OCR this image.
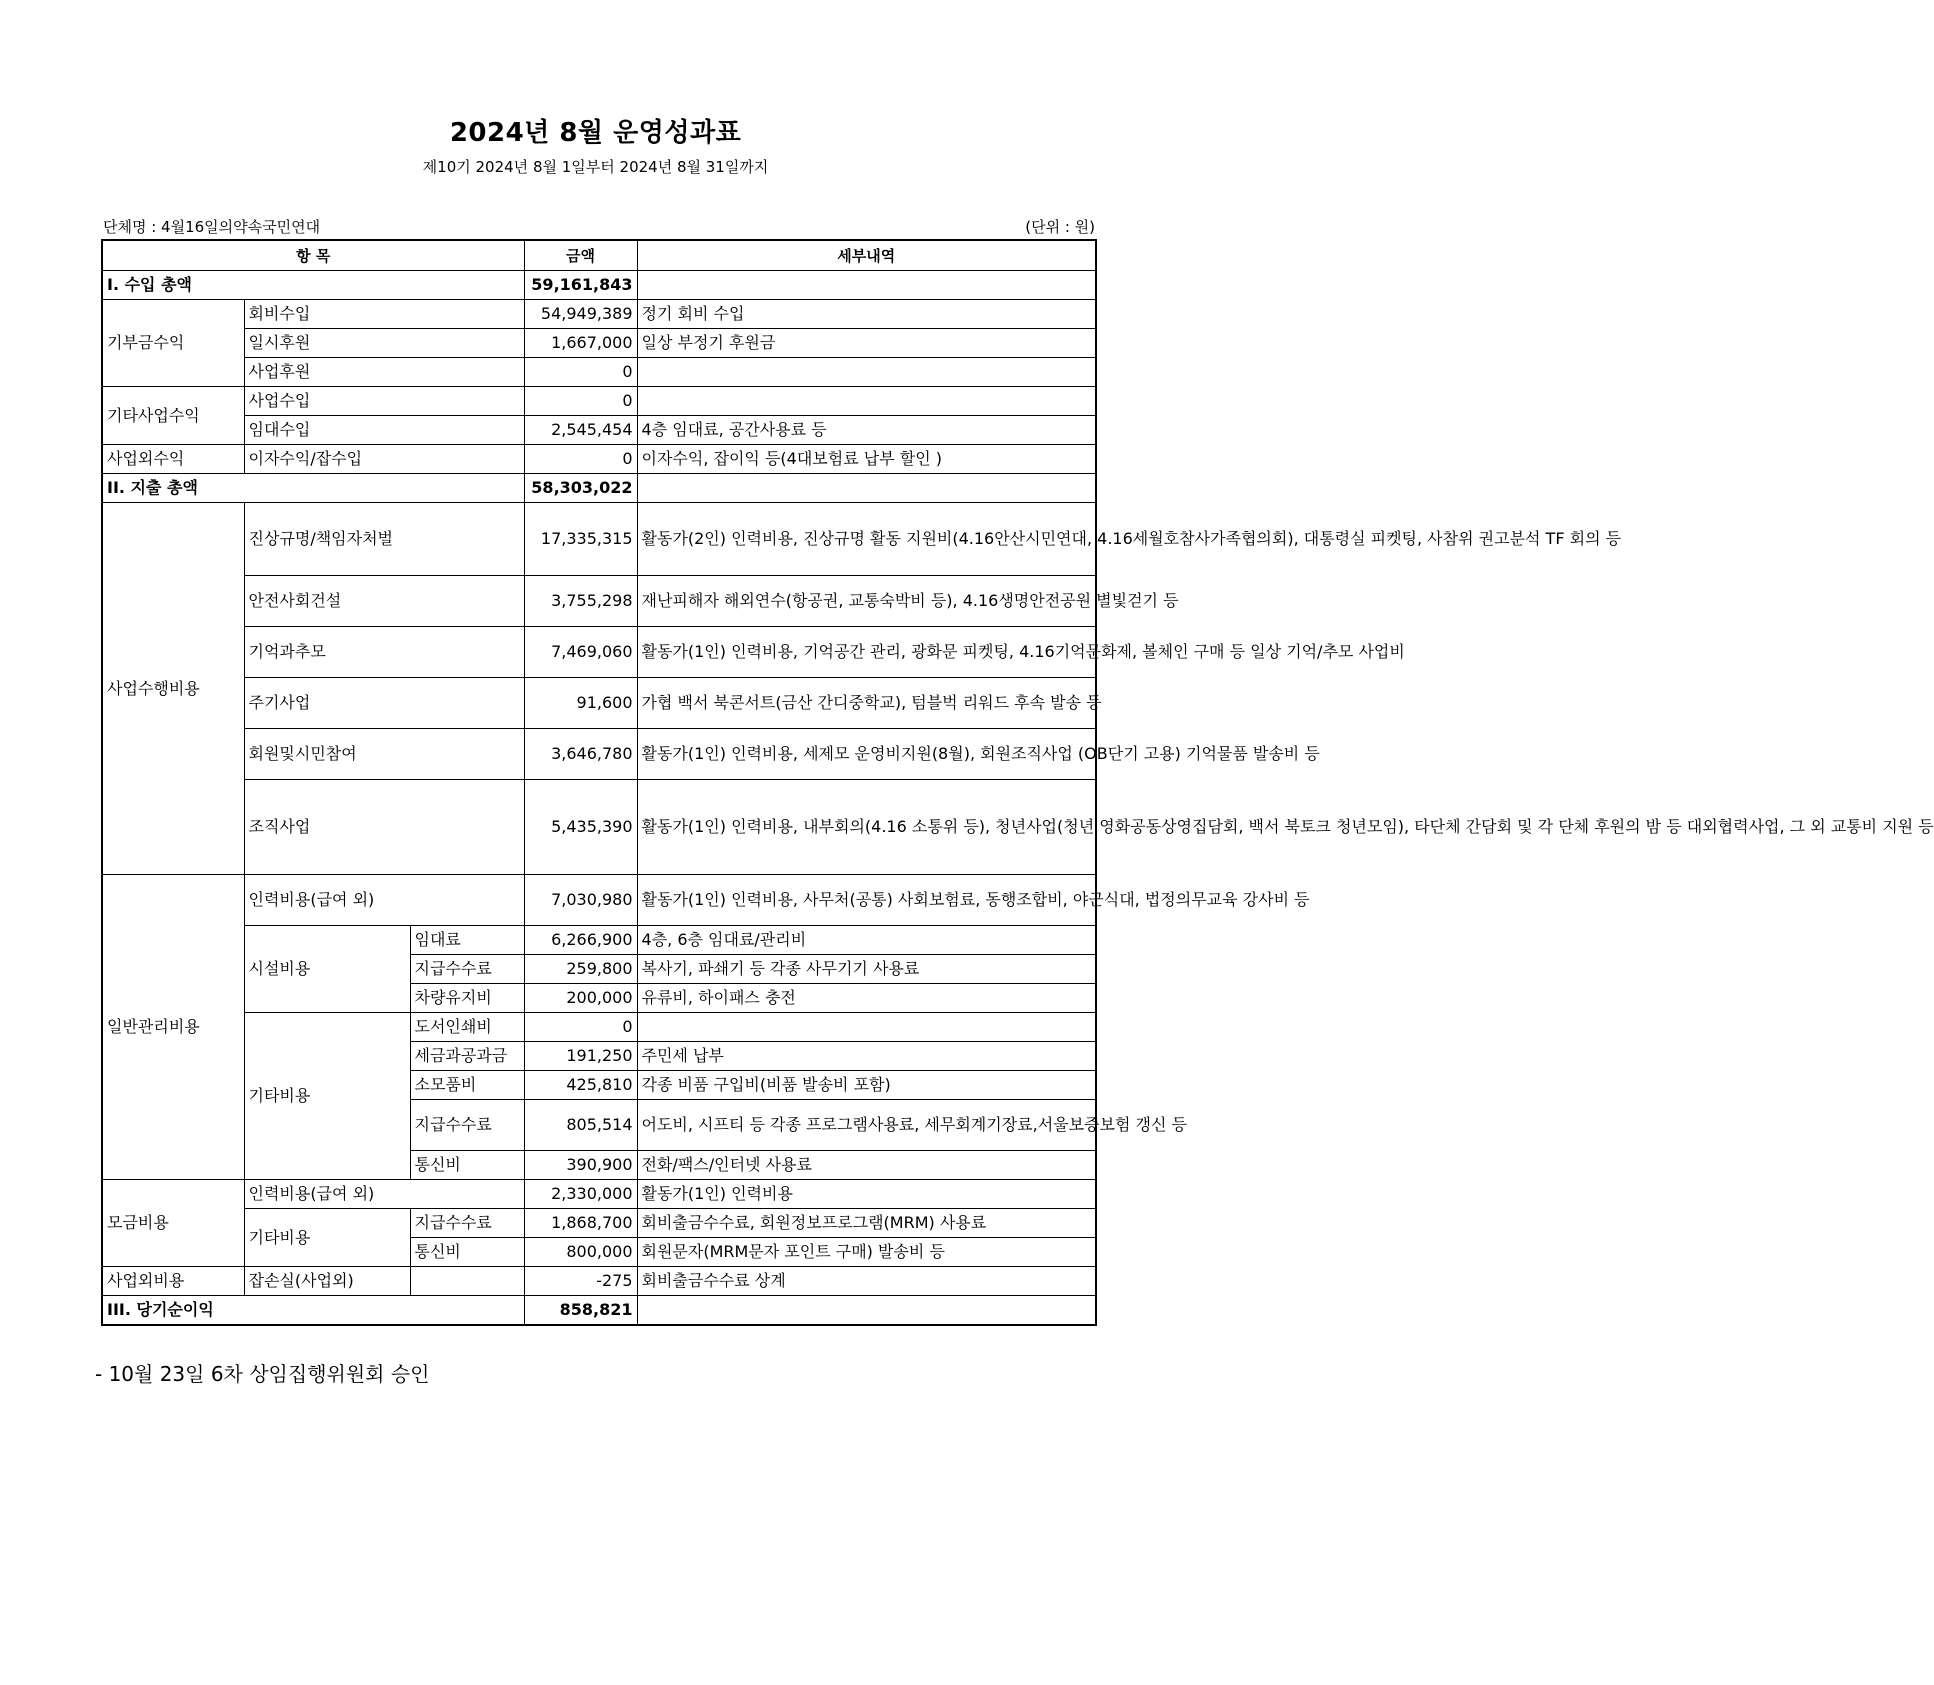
2024년 8월 운영성과표
제10기 2024년 8월 1일부터 2024년 8월 31일까지
단체명 : 4월16일의약속국민연대	(단위 : 원)
항 목			금액	세부내역
I. 수입 총액			59,161,843	
기부금수익	회비수입		54,949,389	정기 회비 수입
	일시후원		1,667,000	일상 부정기 후원금
	사업후원		0	
기타사업수익	사업수입		0	
	임대수입		2,545,454	4층 임대료, 공간사용료 등
사업외수익	이자수익/잡수입		0	이자수익, 잡이익 등(4대보험료 납부 할인 )
II. 지출 총액			58,303,022	
사업수행비용	진상규명/책임자처벌		17,335,315	활동가(2인) 인력비용, 진상규명 활동 지원비(4.16안산시민연대, 4.16세월호참사가족협의회), 대통령실 피켓팅, 사참위 권고분석 TF 회의 등
	안전사회건설		3,755,298	재난피해자 해외연수(항공권, 교통숙박비 등), 4.16생명안전공원 별빛걷기 등
	기억과추모		7,469,060	활동가(1인) 인력비용, 기억공간 관리, 광화문 피켓팅, 4.16기억문화제, 볼체인 구매 등 일상 기억/추모 사업비
	주기사업		91,600	가협 백서 북콘서트(금산 간디중학교), 텀블벅 리워드 후속 발송 등
	회원및시민참여		3,646,780	활동가(1인) 인력비용, 세제모 운영비지원(8월), 회원조직사업 (OB단기 고용) 기억물품 발송비 등
	조직사업		5,435,390	활동가(1인) 인력비용, 내부회의(4.16 소통위 등), 청년사업(청년 영화공동상영집담회, 백서 북토크 청년모임), 타단체 간담회 및 각 단체 후원의 밤 등 대외협력사업, 그 외 교통비 지원 등
일반관리비용	인력비용(급여 외)		7,030,980	활동가(1인) 인력비용, 사무처(공통) 사회보험료, 동행조합비, 야근식대, 법정의무교육 강사비 등
	시설비용	임대료	6,266,900	4층, 6층 임대료/관리비
		지급수수료	259,800	복사기, 파쇄기 등 각종 사무기기 사용료
		차량유지비	200,000	유류비, 하이패스 충전
	기타비용	도서인쇄비	0	
		세금과공과금	191,250	주민세 납부
		소모품비	425,810	각종 비품 구입비(비품 발송비 포함)
		지급수수료	805,514	어도비, 시프티 등 각종 프로그램사용료, 세무회계기장료,서울보증보험 갱신 등
		통신비	390,900	전화/팩스/인터넷 사용료
모금비용	인력비용(급여 외)		2,330,000	활동가(1인) 인력비용
	기타비용	지급수수료	1,868,700	회비출금수수료, 회원정보프로그램(MRM) 사용료
		통신비	800,000	회원문자(MRM문자 포인트 구매) 발송비 등
사업외비용	잡손실(사업외)		-275	회비출금수수료 상계
III. 당기순이익			858,821	
- 10월 23일 6차 상임집행위원회 승인
